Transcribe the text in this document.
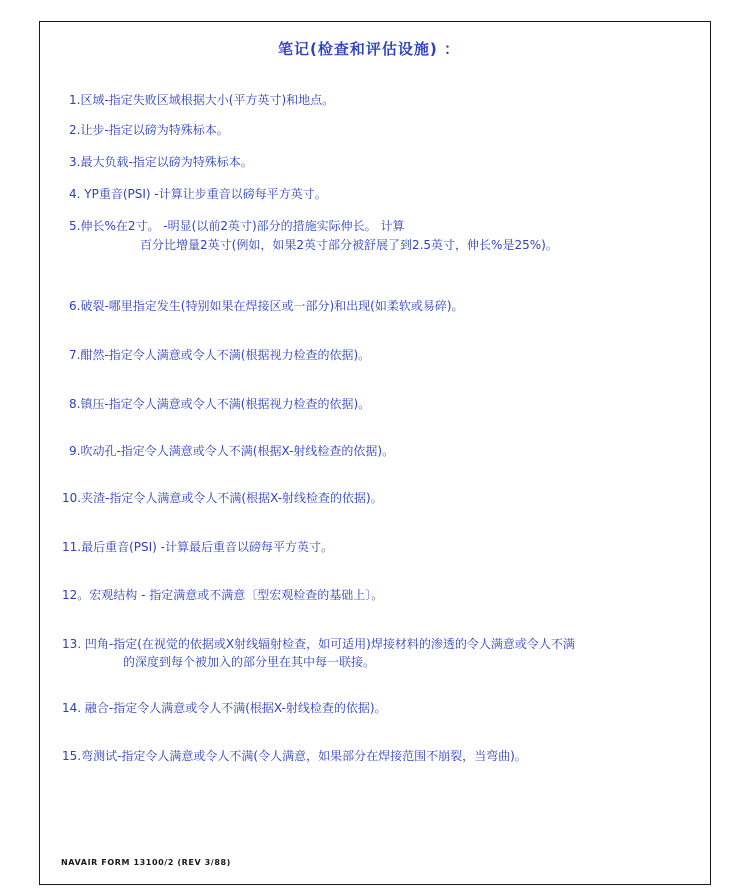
笔记(检查和评估设施) ：
1.区域-指定失败区域根据大小(平方英寸)和地点。
2.让步-指定以磅为特殊标本。
3.最大负载-指定以磅为特殊标本。
4. YP重音(PSI) -计算让步重音以磅每平方英寸。
5.伸长%在2寸。 -明显(以前2英寸)部分的措施实际伸长。 计算
百分比增量2英寸(例如，如果2英寸部分被舒展了到2.5英寸，伸长%是25%)。
6.破裂-哪里指定发生(特别如果在焊接区或一部分)和出现(如柔软或易碎)。
7.酣然-指定令人满意或令人不满(根据视力检查的依据)。
8.镇压-指定令人满意或令人不满(根据视力检查的依据)。
9.吹动孔-指定令人满意或令人不满(根据X-射线检查的依据)。
10.夹渣-指定令人满意或令人不满(根据X-射线检查的依据)。
11.最后重音(PSI) -计算最后重音以磅每平方英寸。
12。宏观结构 - 指定满意或不满意〔型宏观检查的基础上〕。
13. 凹角-指定(在视觉的依据或X射线辐射检查，如可适用)焊接材料的渗透的令人满意或令人不满
的深度到每个被加入的部分里在其中每一联接。
14. 融合-指定令人满意或令人不满(根据X-射线检查的依据)。
15.弯测试-指定令人满意或令人不满(令人满意，如果部分在焊接范围不崩裂，当弯曲)。
NAVAIR FORM 13100/2 (REV 3/88)
